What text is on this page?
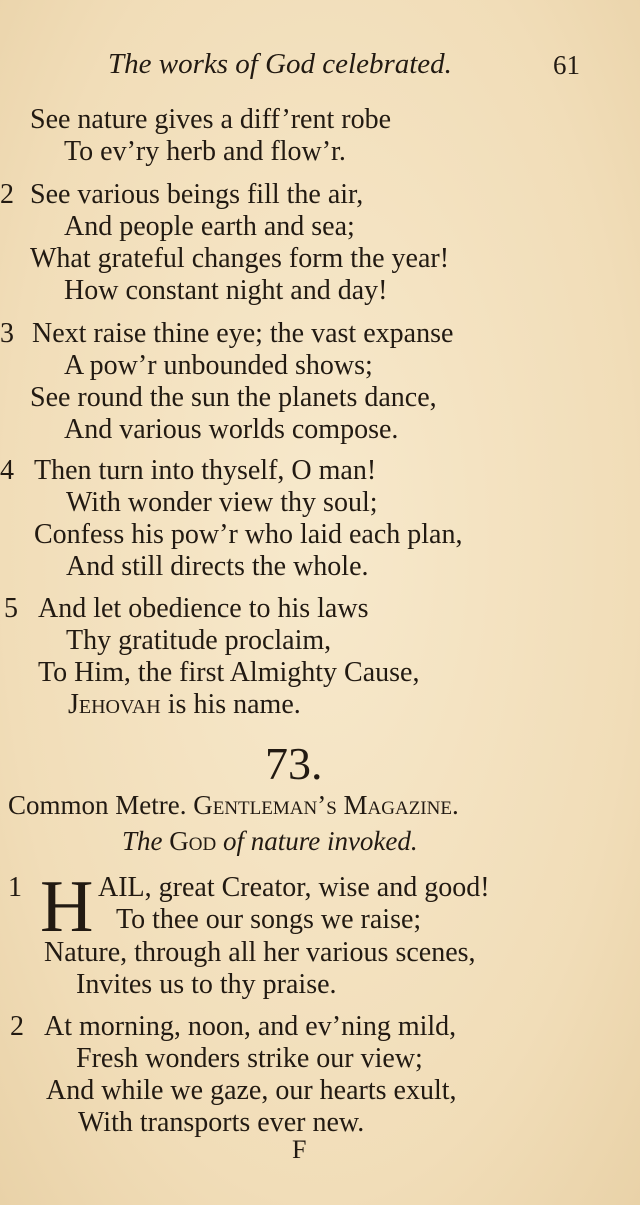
The works of God celebrated.	61
See nature gives a diff’rent robe
To ev’ry herb and flow’r.
2 See various beings fill the air,
And people earth and sea;
What grateful changes form the year!
How constant night and day!
3 Next raise thine eye; the vast expanse
A pow’r unbounded shows;
See round the sun the planets dance,
And various worlds compose.
4 Then turn into thyself, O man!
With wonder view thy soul;
Confess his pow’r who laid each plan,
And still directs the whole.
5 And let obedience to his laws
Thy gratitude proclaim,
To Him, the first Almighty Cause,
Jehovah is his name.
73.
Common Metre. Gentleman’s Magazine.
The God of nature invoked.
1 H AIL, great Creator, wise and good!
To thee our songs we raise;
Nature, through all her various scenes,
Invites us to thy praise.
2 At morning, noon, and ev’ning mild,
Fresh wonders strike our view;
And while we gaze, our hearts exult,
With transports ever new.
F
